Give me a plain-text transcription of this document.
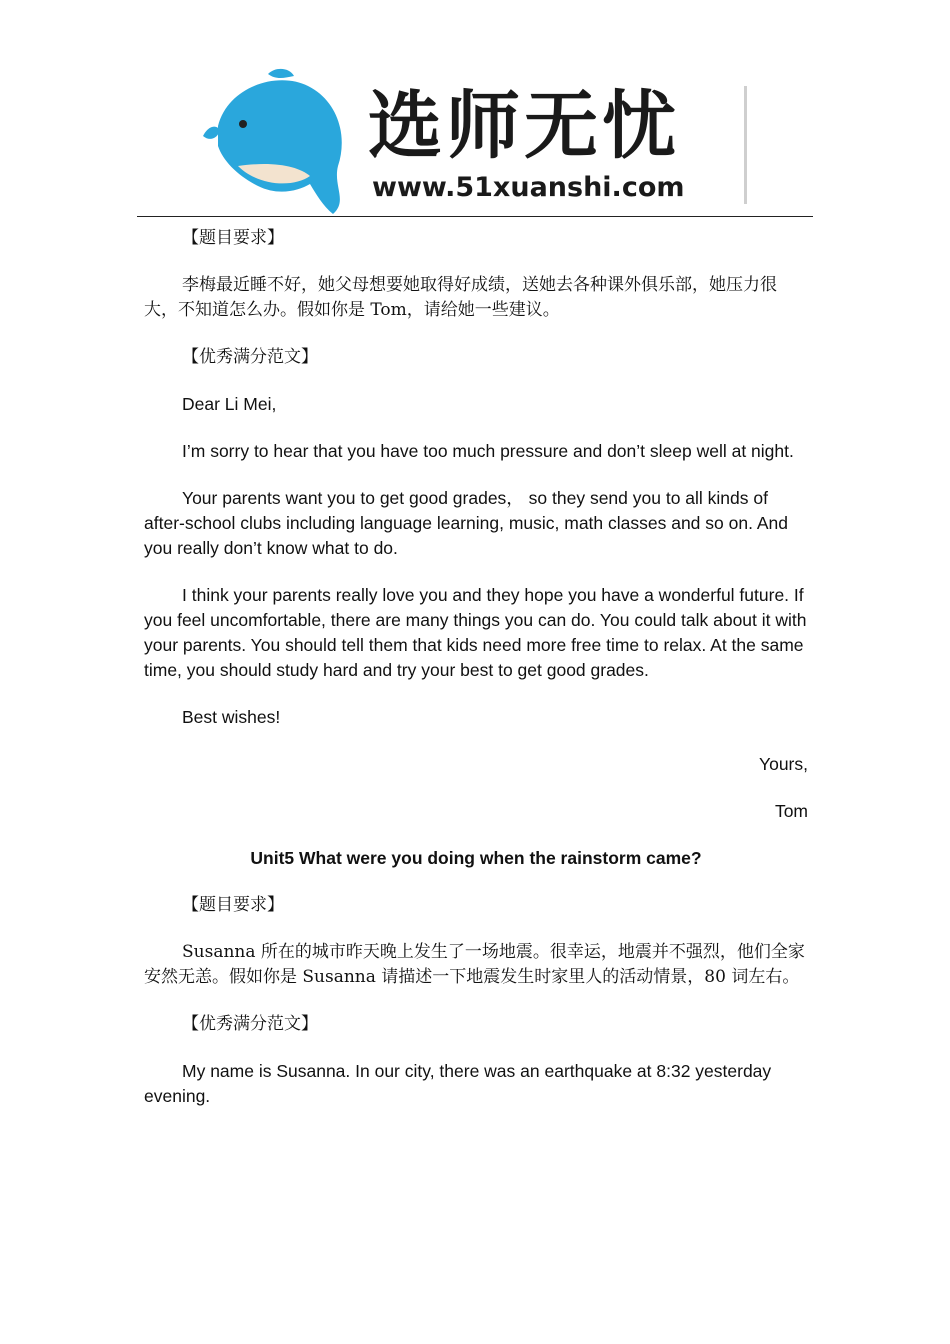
选师无忧
www.51xuanshi.com

【题目要求】

李梅最近睡不好，她父母想要她取得好成绩，送她去各种课外俱乐部，她压力很大，不知道怎么办。假如你是 Tom，请给她一些建议。

【优秀满分范文】

Dear Li Mei,

I’m sorry to hear that you have too much pressure and don’t sleep well at night.

Your parents want you to get good grades， so they send you to all kinds of after-school clubs including language learning, music, math classes and so on. And you really don’t know what to do.

I think your parents really love you and they hope you have a wonderful future. If you feel uncomfortable, there are many things you can do. You could talk about it with your parents. You should tell them that kids need more free time to relax. At the same time, you should study hard and try your best to get good grades.

Best wishes!

Yours,

Tom

Unit5 What were you doing when the rainstorm came?

【题目要求】

Susanna 所在的城市昨天晚上发生了一场地震。很幸运，地震并不强烈，他们全家安然无恙。假如你是 Susanna 请描述一下地震发生时家里人的活动情景，80 词左右。

【优秀满分范文】

My name is Susanna. In our city, there was an earthquake at 8:32 yesterday evening.
